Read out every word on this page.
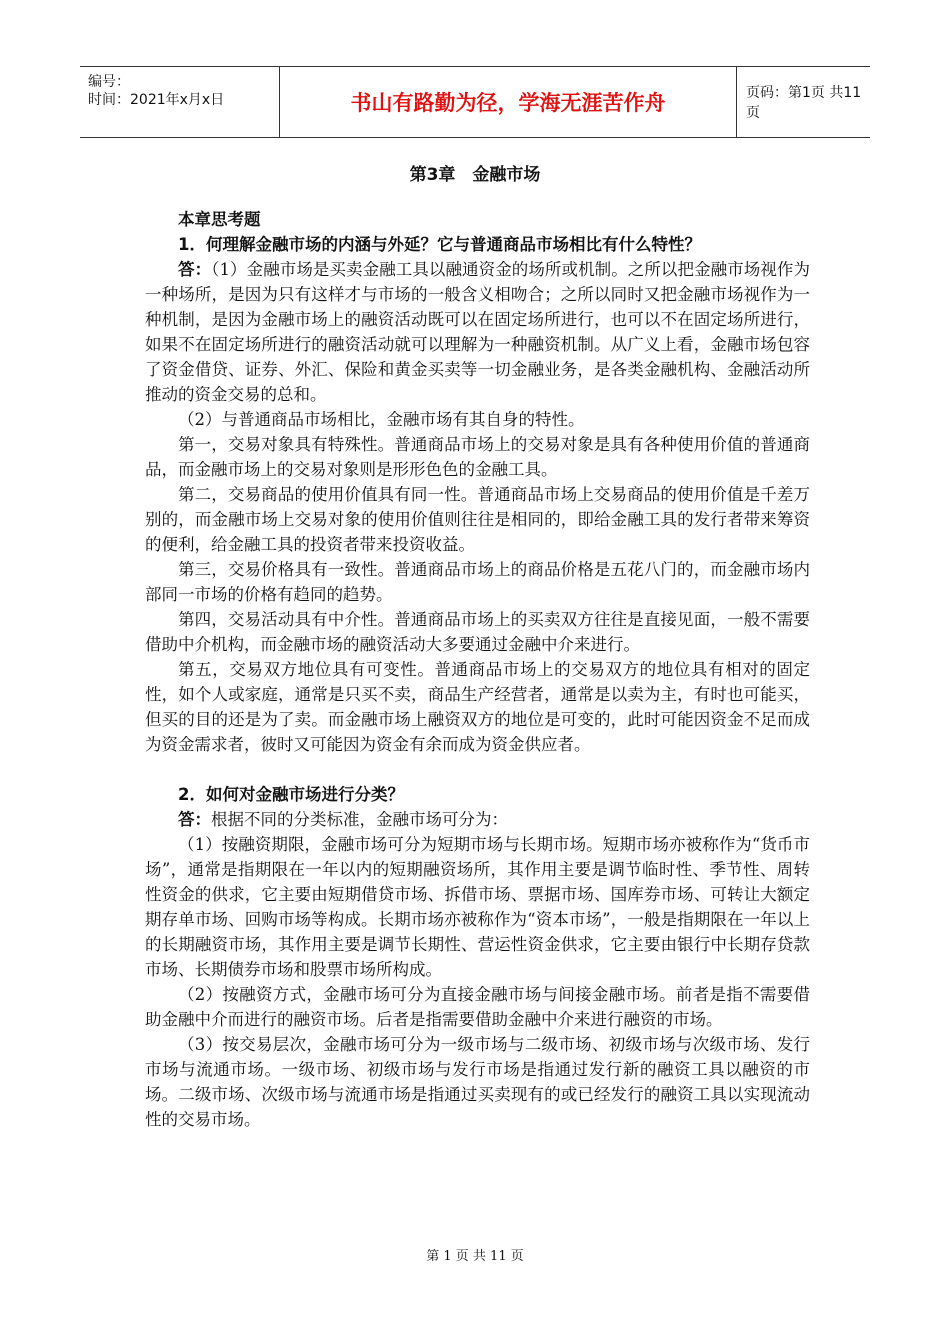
编号：
时间：2021年x月x日	书山有路勤为径，学海无涯苦作舟	页码：第1页 共11页
第3章　金融市场

本章思考题

1．何理解金融市场的内涵与外延？它与普通商品市场相比有什么特性？

答：（1）金融市场是买卖金融工具以融通资金的场所或机制。之所以把金融市场视作为一种场所，是因为只有这样才与市场的一般含义相吻合；之所以同时又把金融市场视作为一种机制，是因为金融市场上的融资活动既可以在固定场所进行，也可以不在固定场所进行，如果不在固定场所进行的融资活动就可以理解为一种融资机制。从广义上看，金融市场包容了资金借贷、证券、外汇、保险和黄金买卖等一切金融业务，是各类金融机构、金融活动所推动的资金交易的总和。

（2）与普通商品市场相比，金融市场有其自身的特性。

第一，交易对象具有特殊性。普通商品市场上的交易对象是具有各种使用价值的普通商品，而金融市场上的交易对象则是形形色色的金融工具。

第二，交易商品的使用价值具有同一性。普通商品市场上交易商品的使用价值是千差万别的，而金融市场上交易对象的使用价值则往往是相同的，即给金融工具的发行者带来筹资的便利，给金融工具的投资者带来投资收益。

第三，交易价格具有一致性。普通商品市场上的商品价格是五花八门的，而金融市场内部同一市场的价格有趋同的趋势。

第四，交易活动具有中介性。普通商品市场上的买卖双方往往是直接见面，一般不需要借助中介机构，而金融市场的融资活动大多要通过金融中介来进行。

第五，交易双方地位具有可变性。普通商品市场上的交易双方的地位具有相对的固定性，如个人或家庭，通常是只买不卖，商品生产经营者，通常是以卖为主，有时也可能买，但买的目的还是为了卖。而金融市场上融资双方的地位是可变的，此时可能因资金不足而成为资金需求者，彼时又可能因为资金有余而成为资金供应者。

2．如何对金融市场进行分类？

答：根据不同的分类标准，金融市场可分为：

（1）按融资期限，金融市场可分为短期市场与长期市场。短期市场亦被称作为“货币市场”，通常是指期限在一年以内的短期融资场所，其作用主要是调节临时性、季节性、周转性资金的供求，它主要由短期借贷市场、拆借市场、票据市场、国库券市场、可转让大额定期存单市场、回购市场等构成。长期市场亦被称作为“资本市场”，一般是指期限在一年以上的长期融资市场，其作用主要是调节长期性、营运性资金供求，它主要由银行中长期存贷款市场、长期债券市场和股票市场所构成。

（2）按融资方式，金融市场可分为直接金融市场与间接金融市场。前者是指不需要借助金融中介而进行的融资市场。后者是指需要借助金融中介来进行融资的市场。

（3）按交易层次，金融市场可分为一级市场与二级市场、初级市场与次级市场、发行市场与流通市场。一级市场、初级市场与发行市场是指通过发行新的融资工具以融资的市场。二级市场、次级市场与流通市场是指通过买卖现有的或已经发行的融资工具以实现流动性的交易市场。

第 1 页 共 11 页
